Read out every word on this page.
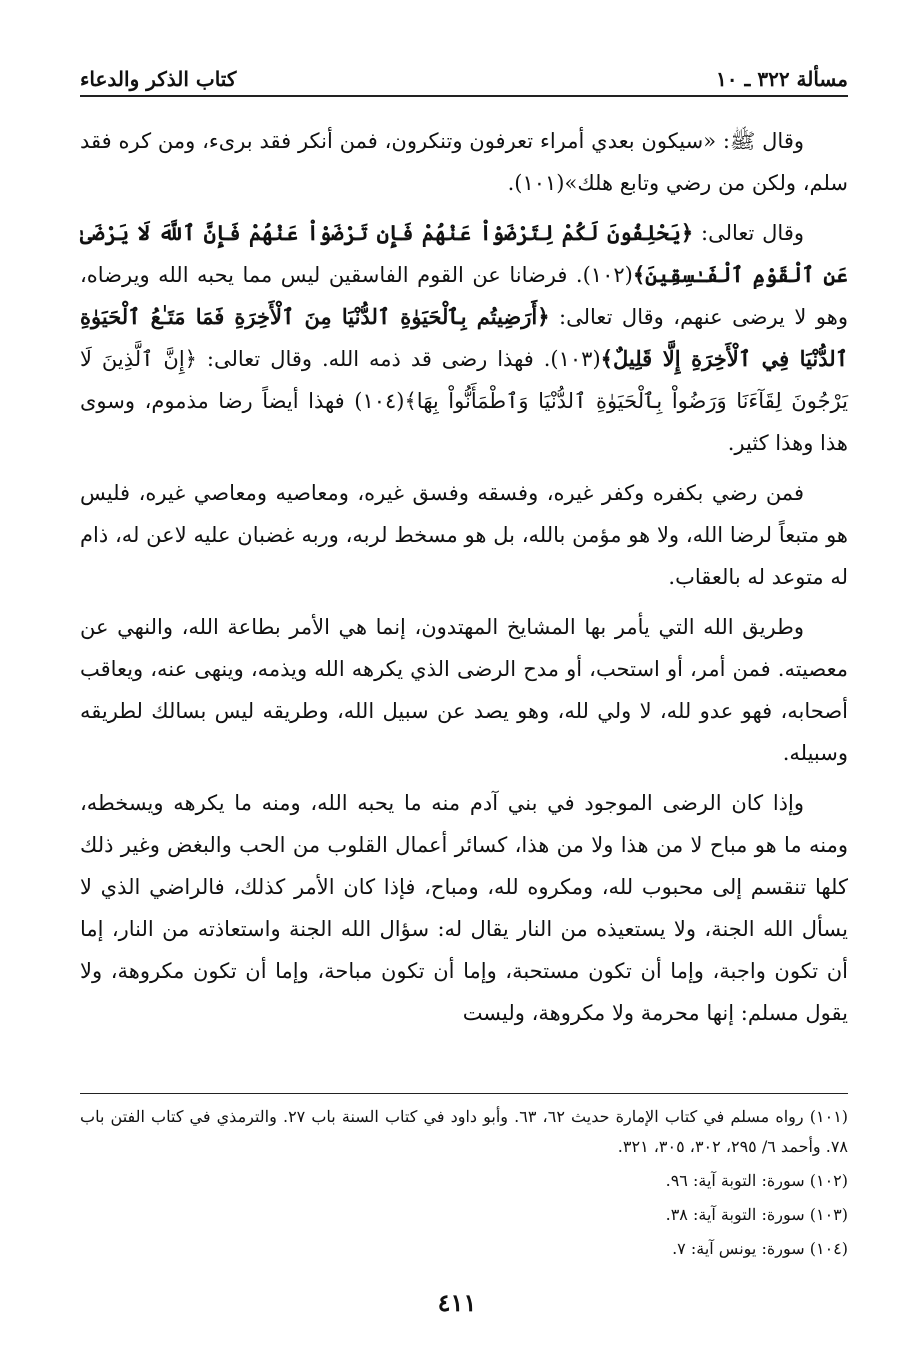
مسألة ٣٢٢ ـ ١٠
كتاب الذكر والدعاء

وقال ﷺ: «سيكون بعدي أمراء تعرفون وتنكرون، فمن أنكر فقد برىء، ومن كره فقد سلم، ولكن من رضي وتابع هلك»(١٠١).

وقال تعالى: ﴿يَحْلِفُونَ لَكُمْ لِتَرْضَوْاْ عَنْهُمْ فَإِن تَرْضَوْاْ عَنْهُمْ فَإِنَّ ٱللَّهَ لَا يَرْضَىٰ عَنِ ٱلْقَوْمِ ٱلْفَـٰسِقِينَ﴾(١٠٢). فرضانا عن القوم الفاسقين ليس مما يحبه الله ويرضاه، وهو لا يرضى عنهم، وقال تعالى: ﴿أَرَضِيتُم بِٱلْحَيَوٰةِ ٱلدُّنْيَا مِنَ ٱلْأَخِرَةِ فَمَا مَتَـٰعُ ٱلْحَيَوٰةِ ٱلدُّنْيَا فِي ٱلْأَخِرَةِ إِلَّا قَلِيلٌ﴾(١٠٣). فهذا رضى قد ذمه الله. وقال تعالى: ﴿إِنَّ ٱلَّذِينَ لَا يَرْجُونَ لِقَآءَنَا وَرَضُواْ بِٱلْحَيَوٰةِ ٱلدُّنْيَا وَٱطْمَأَنُّواْ بِهَا﴾(١٠٤) فهذا أيضاً رضا مذموم، وسوى هذا وهذا كثير.

فمن رضي بكفره وكفر غيره، وفسقه وفسق غيره، ومعاصيه ومعاصي غيره، فليس هو متبعاً لرضا الله، ولا هو مؤمن بالله، بل هو مسخط لربه، وربه غضبان عليه لاعن له، ذام له متوعد له بالعقاب.

وطريق الله التي يأمر بها المشايخ المهتدون، إنما هي الأمر بطاعة الله، والنهي عن معصيته. فمن أمر، أو استحب، أو مدح الرضى الذي يكرهه الله ويذمه، وينهى عنه، ويعاقب أصحابه، فهو عدو لله، لا ولي لله، وهو يصد عن سبيل الله، وطريقه ليس بسالك لطريقه وسبيله.

وإذا كان الرضى الموجود في بني آدم منه ما يحبه الله، ومنه ما يكرهه ويسخطه، ومنه ما هو مباح لا من هذا ولا من هذا، كسائر أعمال القلوب من الحب والبغض وغير ذلك كلها تنقسم إلى محبوب لله، ومكروه لله، ومباح، فإذا كان الأمر كذلك، فالراضي الذي لا يسأل الله الجنة، ولا يستعيذه من النار يقال له: سؤال الله الجنة واستعاذته من النار، إما أن تكون واجبة، وإما أن تكون مستحبة، وإما أن تكون مباحة، وإما أن تكون مكروهة، ولا يقول مسلم: إنها محرمة ولا مكروهة، وليست

(١٠١) رواه مسلم في كتاب الإمارة حديث ٦٢، ٦٣. وأبو داود في كتاب السنة باب ٢٧. والترمذي في كتاب الفتن باب ٧٨. وأحمد ٦/ ٢٩٥، ٣٠٢، ٣٠٥، ٣٢١.

(١٠٢) سورة: التوبة آية: ٩٦.

(١٠٣) سورة: التوبة آية: ٣٨.

(١٠٤) سورة: يونس آية: ٧.

٤١١
